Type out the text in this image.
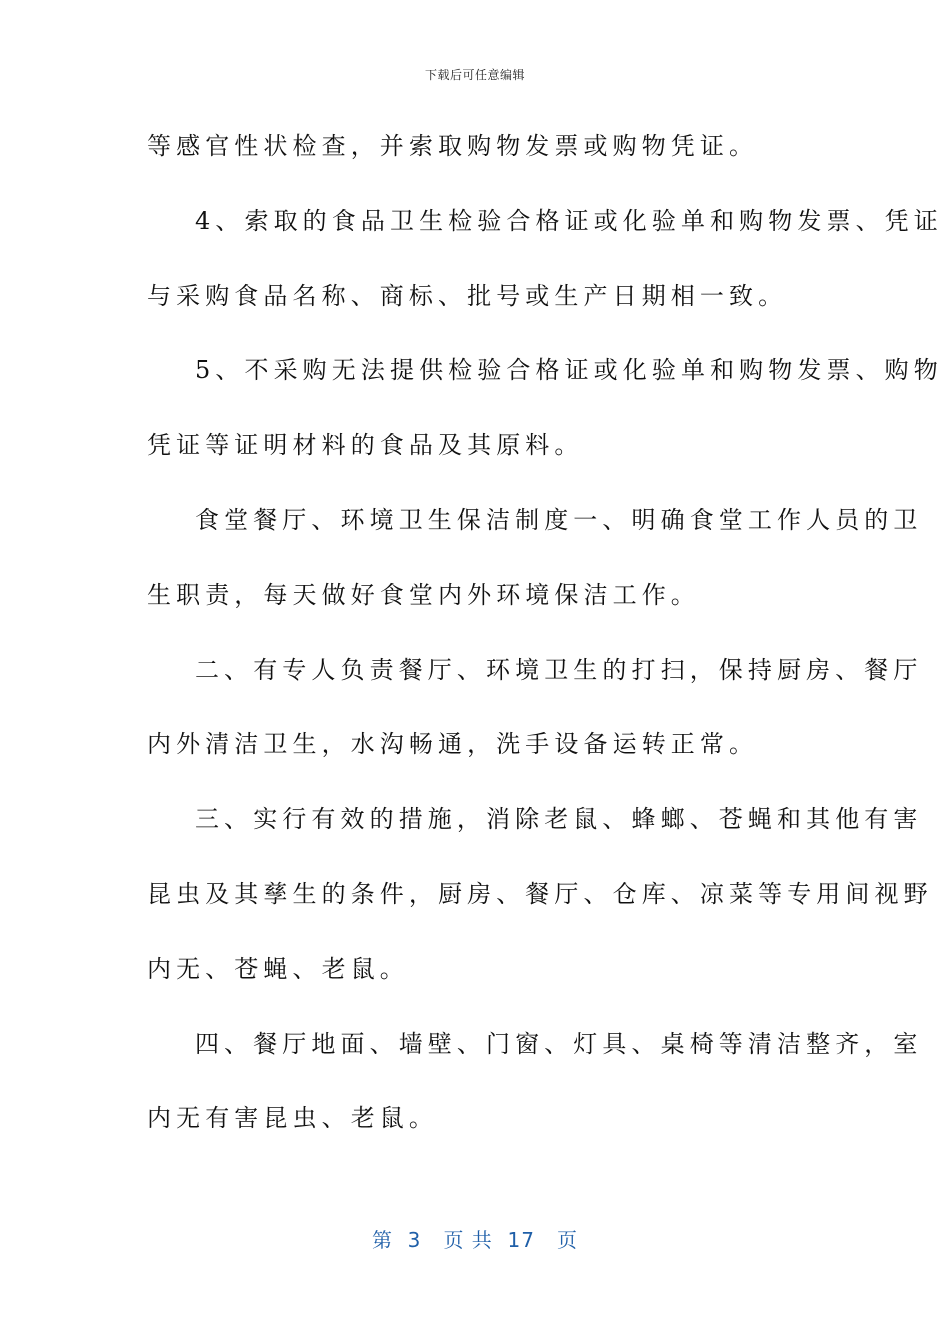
下载后可任意编辑
等感官性状检查，并索取购物发票或购物凭证。
4、索取的食品卫生检验合格证或化验单和购物发票、凭证
与采购食品名称、商标、批号或生产日期相一致。
5、不采购无法提供检验合格证或化验单和购物发票、购物
凭证等证明材料的食品及其原料。
食堂餐厅、环境卫生保洁制度一、明确食堂工作人员的卫
生职责，每天做好食堂内外环境保洁工作。
二、有专人负责餐厅、环境卫生的打扫，保持厨房、餐厅
内外清洁卫生，水沟畅通，洗手设备运转正常。
三、实行有效的措施，消除老鼠、蜂螂、苍蝇和其他有害
昆虫及其孳生的条件，厨房、餐厅、仓库、凉菜等专用间视野
内无、苍蝇、老鼠。
四、餐厅地面、墙壁、门窗、灯具、桌椅等清洁整齐，室
内无有害昆虫、老鼠。
第  3   页 共  17   页
